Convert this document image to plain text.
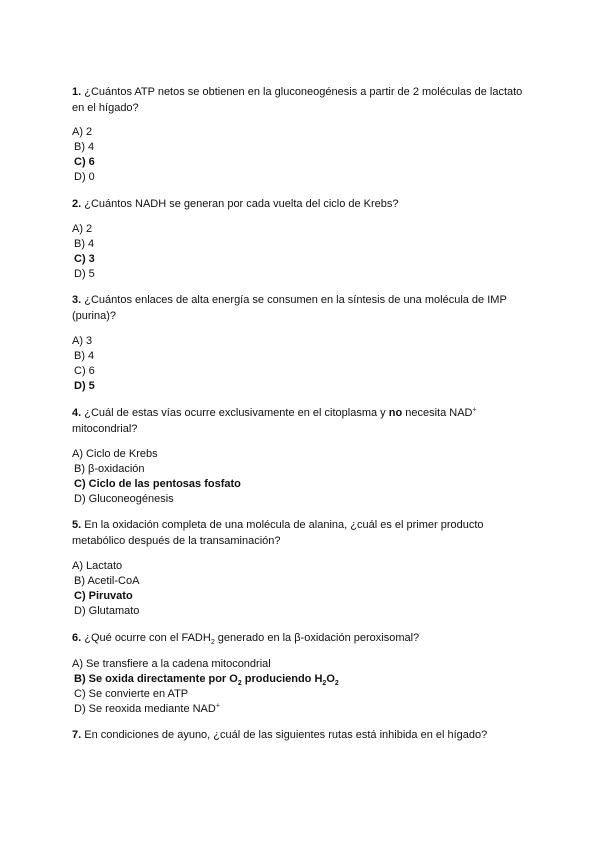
1. ¿Cuántos ATP netos se obtienen en la gluconeogénesis a partir de 2 moléculas de lactato en el hígado?
A) 2
B) 4
C) 6
D) 0
2. ¿Cuántos NADH se generan por cada vuelta del ciclo de Krebs?
A) 2
B) 4
C) 3
D) 5
3. ¿Cuántos enlaces de alta energía se consumen en la síntesis de una molécula de IMP (purina)?
A) 3
B) 4
C) 6
D) 5
4. ¿Cuál de estas vías ocurre exclusivamente en el citoplasma y no necesita NAD+
mitocondrial?
A) Ciclo de Krebs
B) β-oxidación
C) Ciclo de las pentosas fosfato
D) Gluconeogénesis
5. En la oxidación completa de una molécula de alanina, ¿cuál es el primer producto metabólico después de la transaminación?
A) Lactato
B) Acetil-CoA
C) Piruvato
D) Glutamato
6. ¿Qué ocurre con el $FADH_2$ generado en la β-oxidación peroxisomal?
A) Se transfiere a la cadena mitocondrial
B) Se oxida directamente por $O_2$ produciendo $H_2O_2$
C) Se convierte en ATP
D) Se reoxida mediante NAD+
7. En condiciones de ayuno, ¿cuál de las siguientes rutas está inhibida en el hígado?
